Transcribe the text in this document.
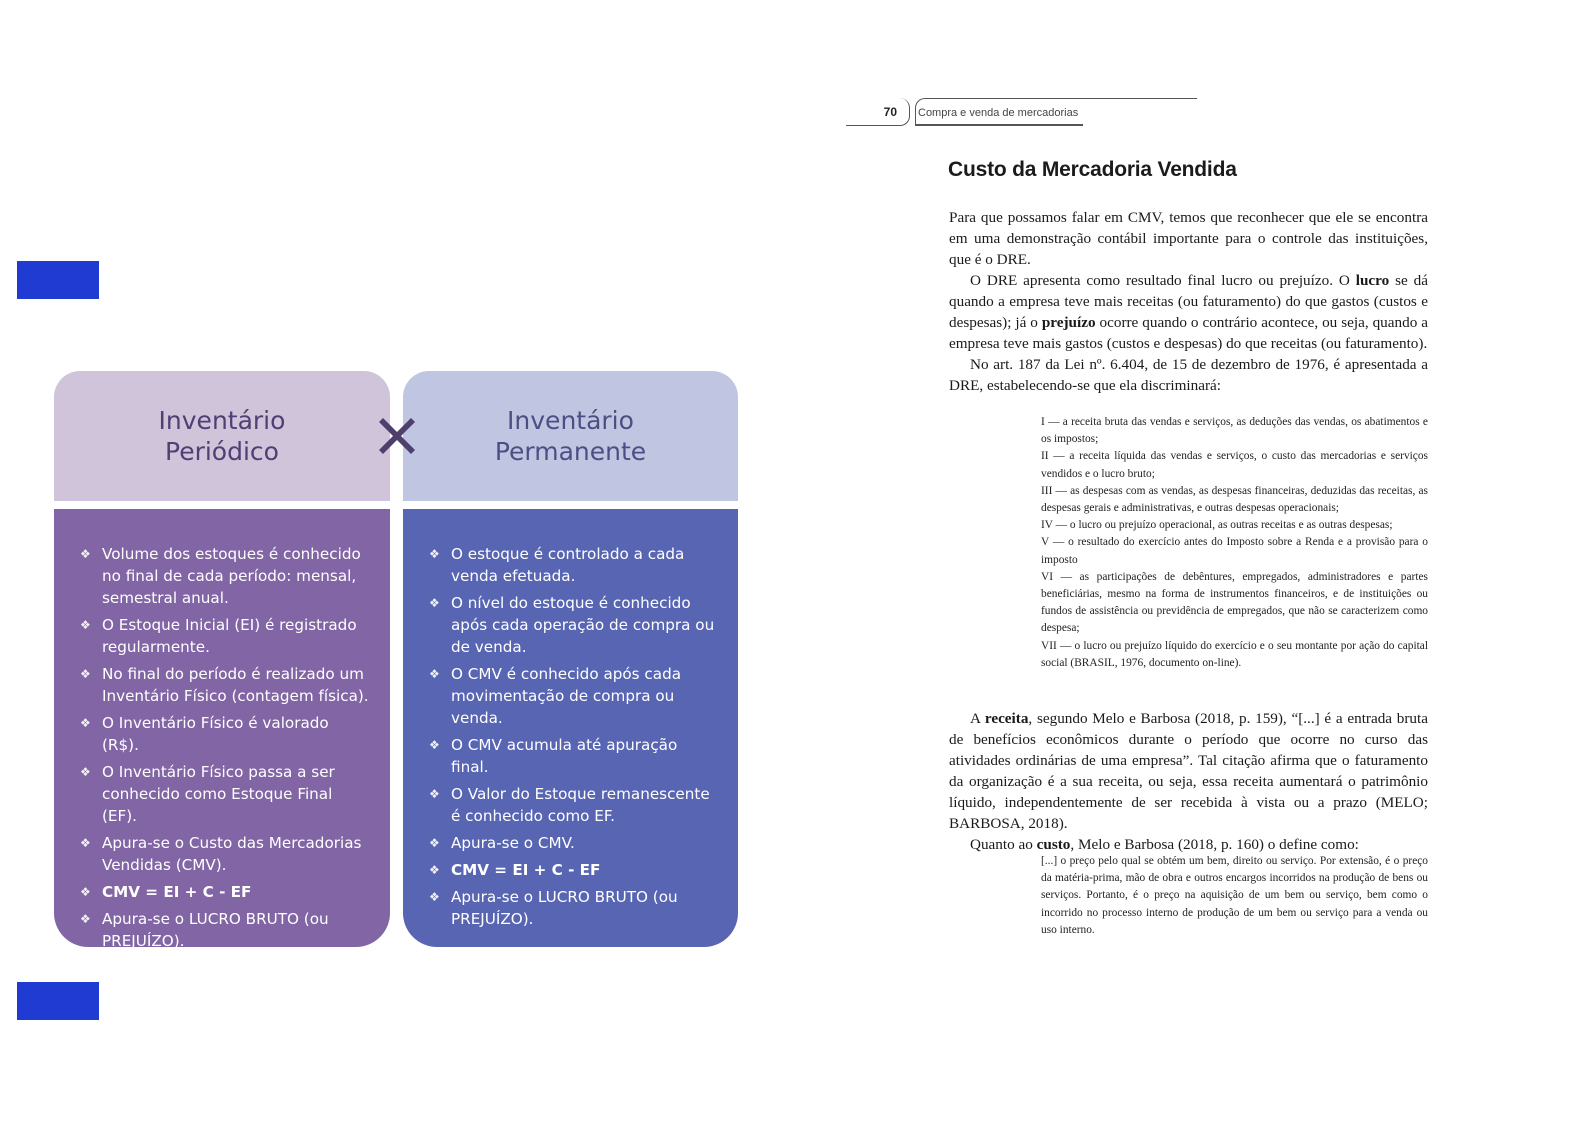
Inventário
Periódico
❖ Volume dos estoques é conhecido no final de cada período: mensal, semestral anual.
❖ O Estoque Inicial (EI) é registrado regularmente.
❖ No final do período é realizado um Inventário Físico (contagem física).
❖ O Inventário Físico é valorado (R$).
❖ O Inventário Físico passa a ser conhecido como Estoque Final (EF).
❖ Apura-se o Custo das Mercadorias Vendidas (CMV).
❖ CMV = EI + C - EF
❖ Apura-se o LUCRO BRUTO (ou PREJUÍZO).
Inventário
Permanente
❖ O estoque é controlado a cada venda efetuada.
❖ O nível do estoque é conhecido após cada operação de compra ou de venda.
❖ O CMV é conhecido após cada movimentação de compra ou venda.
❖ O CMV acumula até apuração final.
❖ O Valor do Estoque remanescente é conhecido como EF.
❖ Apura-se o CMV.
❖ CMV = EI + C - EF
❖ Apura-se o LUCRO BRUTO (ou PREJUÍZO).
70	Compra e venda de mercadorias
Custo da Mercadoria Vendida

Para que possamos falar em CMV, temos que reconhecer que ele se encontra em uma demonstração contábil importante para o controle das instituições, que é o DRE.

O DRE apresenta como resultado final lucro ou prejuízo. O lucro se dá quando a empresa teve mais receitas (ou faturamento) do que gastos (custos e despesas); já o prejuízo ocorre quando o contrário acontece, ou seja, quando a empresa teve mais gastos (custos e despesas) do que receitas (ou faturamento).

No art. 187 da Lei nº. 6.404, de 15 de dezembro de 1976, é apresentada a DRE, estabelecendo-se que ela discriminará:

I — a receita bruta das vendas e serviços, as deduções das vendas, os abatimentos e os impostos;

II — a receita líquida das vendas e serviços, o custo das mercadorias e serviços vendidos e o lucro bruto;

III — as despesas com as vendas, as despesas financeiras, deduzidas das receitas, as despesas gerais e administrativas, e outras despesas operacionais;

IV — o lucro ou prejuízo operacional, as outras receitas e as outras despesas;

V — o resultado do exercício antes do Imposto sobre a Renda e a provisão para o imposto

VI — as participações de debêntures, empregados, administradores e partes beneficiárias, mesmo na forma de instrumentos financeiros, e de instituições ou fundos de assistência ou previdência de empregados, que não se caracterizem como despesa;

VII — o lucro ou prejuízo líquido do exercício e o seu montante por ação do capital social (BRASIL, 1976, documento on-line).

A receita, segundo Melo e Barbosa (2018, p. 159), “[...] é a entrada bruta de benefícios econômicos durante o período que ocorre no curso das atividades ordinárias de uma empresa”. Tal citação afirma que o faturamento da organização é a sua receita, ou seja, essa receita aumentará o patrimônio líquido, independentemente de ser recebida à vista ou a prazo (MELO; BARBOSA, 2018).

Quanto ao custo, Melo e Barbosa (2018, p. 160) o define como:

[...] o preço pelo qual se obtém um bem, direito ou serviço. Por extensão, é o preço da matéria-prima, mão de obra e outros encargos incorridos na produção de bens ou serviços. Portanto, é o preço na aquisição de um bem ou serviço, bem como o incorrido no processo interno de produção de um bem ou serviço para a venda ou uso interno.
